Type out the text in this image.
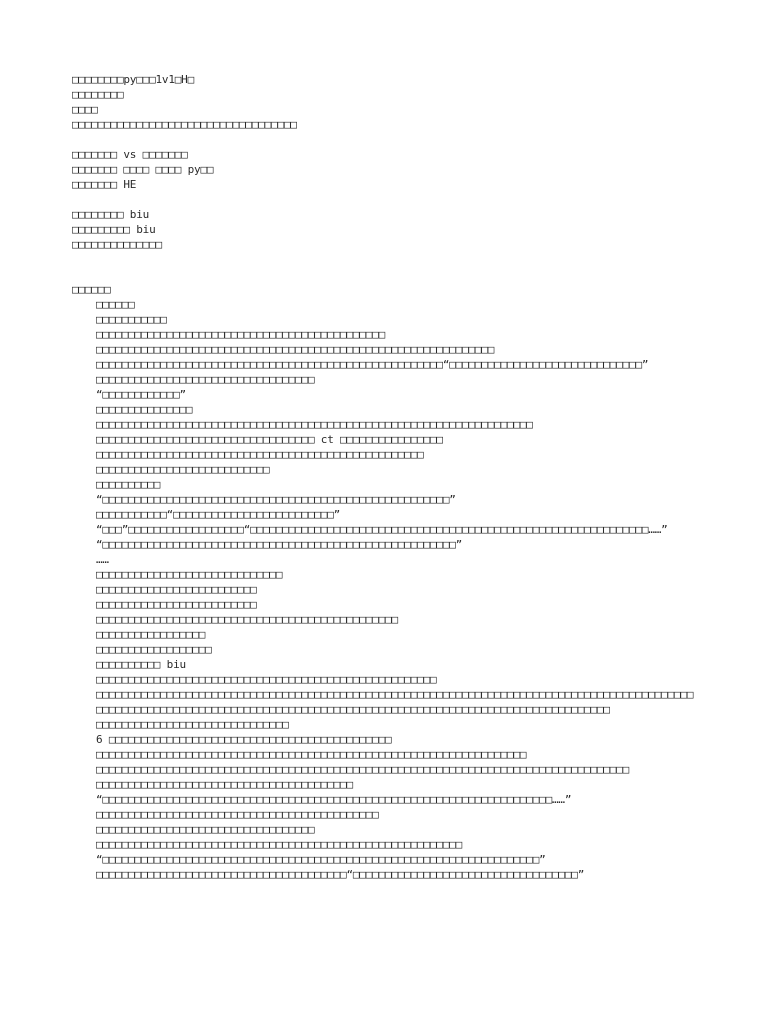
□□□□□□□□py□□□1v1□H□
□□□□□□□□
□□□□
□□□□□□□□□□□□□□□□□□□□□□□□□□□□□□□□□□□
□□□□□□□ vs □□□□□□□
□□□□□□□ □□□□ □□□□ py□□
□□□□□□□ HE
□□□□□□□□ biu
□□□□□□□□□ biu
□□□□□□□□□□□□□□
□□□□□□
□□□□□□
□□□□□□□□□□□
□□□□□□□□□□□□□□□□□□□□□□□□□□□□□□□□□□□□□□□□□□□□□
□□□□□□□□□□□□□□□□□□□□□□□□□□□□□□□□□□□□□□□□□□□□□□□□□□□□□□□□□□□□□□
□□□□□□□□□□□□□□□□□□□□□□□□□□□□□□□□□□□□□□□□□□□□□□□□□□□□□□“□□□□□□□□□□□□□□□□□□□□□□□□□□□□□□”
□□□□□□□□□□□□□□□□□□□□□□□□□□□□□□□□□□
“□□□□□□□□□□□□”
□□□□□□□□□□□□□□□
□□□□□□□□□□□□□□□□□□□□□□□□□□□□□□□□□□□□□□□□□□□□□□□□□□□□□□□□□□□□□□□□□□□□
□□□□□□□□□□□□□□□□□□□□□□□□□□□□□□□□□□ ct □□□□□□□□□□□□□□□□
□□□□□□□□□□□□□□□□□□□□□□□□□□□□□□□□□□□□□□□□□□□□□□□□□□□
□□□□□□□□□□□□□□□□□□□□□□□□□□□
□□□□□□□□□□
“□□□□□□□□□□□□□□□□□□□□□□□□□□□□□□□□□□□□□□□□□□□□□□□□□□□□□□”
□□□□□□□□□□□“□□□□□□□□□□□□□□□□□□□□□□□□□”
“□□□”□□□□□□□□□□□□□□□□□□“□□□□□□□□□□□□□□□□□□□□□□□□□□□□□□□□□□□□□□□□□□□□□□□□□□□□□□□□□□□□□□……”
“□□□□□□□□□□□□□□□□□□□□□□□□□□□□□□□□□□□□□□□□□□□□□□□□□□□□□□□”
……
□□□□□□□□□□□□□□□□□□□□□□□□□□□□□
□□□□□□□□□□□□□□□□□□□□□□□□□
□□□□□□□□□□□□□□□□□□□□□□□□□
□□□□□□□□□□□□□□□□□□□□□□□□□□□□□□□□□□□□□□□□□□□□□□□
□□□□□□□□□□□□□□□□□
□□□□□□□□□□□□□□□□□□
□□□□□□□□□□ biu
□□□□□□□□□□□□□□□□□□□□□□□□□□□□□□□□□□□□□□□□□□□□□□□□□□□□□
□□□□□□□□□□□□□□□□□□□□□□□□□□□□□□□□□□□□□□□□□□□□□□□□□□□□□□□□□□□□□□□□□□□□□□□□□□□□□□□□□□□□□□□□□□□□□
□□□□□□□□□□□□□□□□□□□□□□□□□□□□□□□□□□□□□□□□□□□□□□□□□□□□□□□□□□□□□□□□□□□□□□□□□□□□□□□□
□□□□□□□□□□□□□□□□□□□□□□□□□□□□□□
6 □□□□□□□□□□□□□□□□□□□□□□□□□□□□□□□□□□□□□□□□□□□□
□□□□□□□□□□□□□□□□□□□□□□□□□□□□□□□□□□□□□□□□□□□□□□□□□□□□□□□□□□□□□□□□□□□
□□□□□□□□□□□□□□□□□□□□□□□□□□□□□□□□□□□□□□□□□□□□□□□□□□□□□□□□□□□□□□□□□□□□□□□□□□□□□□□□□□□
□□□□□□□□□□□□□□□□□□□□□□□□□□□□□□□□□□□□□□□□
“□□□□□□□□□□□□□□□□□□□□□□□□□□□□□□□□□□□□□□□□□□□□□□□□□□□□□□□□□□□□□□□□□□□□□□……”
□□□□□□□□□□□□□□□□□□□□□□□□□□□□□□□□□□□□□□□□□□□□
□□□□□□□□□□□□□□□□□□□□□□□□□□□□□□□□□□
□□□□□□□□□□□□□□□□□□□□□□□□□□□□□□□□□□□□□□□□□□□□□□□□□□□□□□□□□
“□□□□□□□□□□□□□□□□□□□□□□□□□□□□□□□□□□□□□□□□□□□□□□□□□□□□□□□□□□□□□□□□□□□□”
□□□□□□□□□□□□□□□□□□□□□□□□□□□□□□□□□□□□□□□“□□□□□□□□□□□□□□□□□□□□□□□□□□□□□□□□□□□”
